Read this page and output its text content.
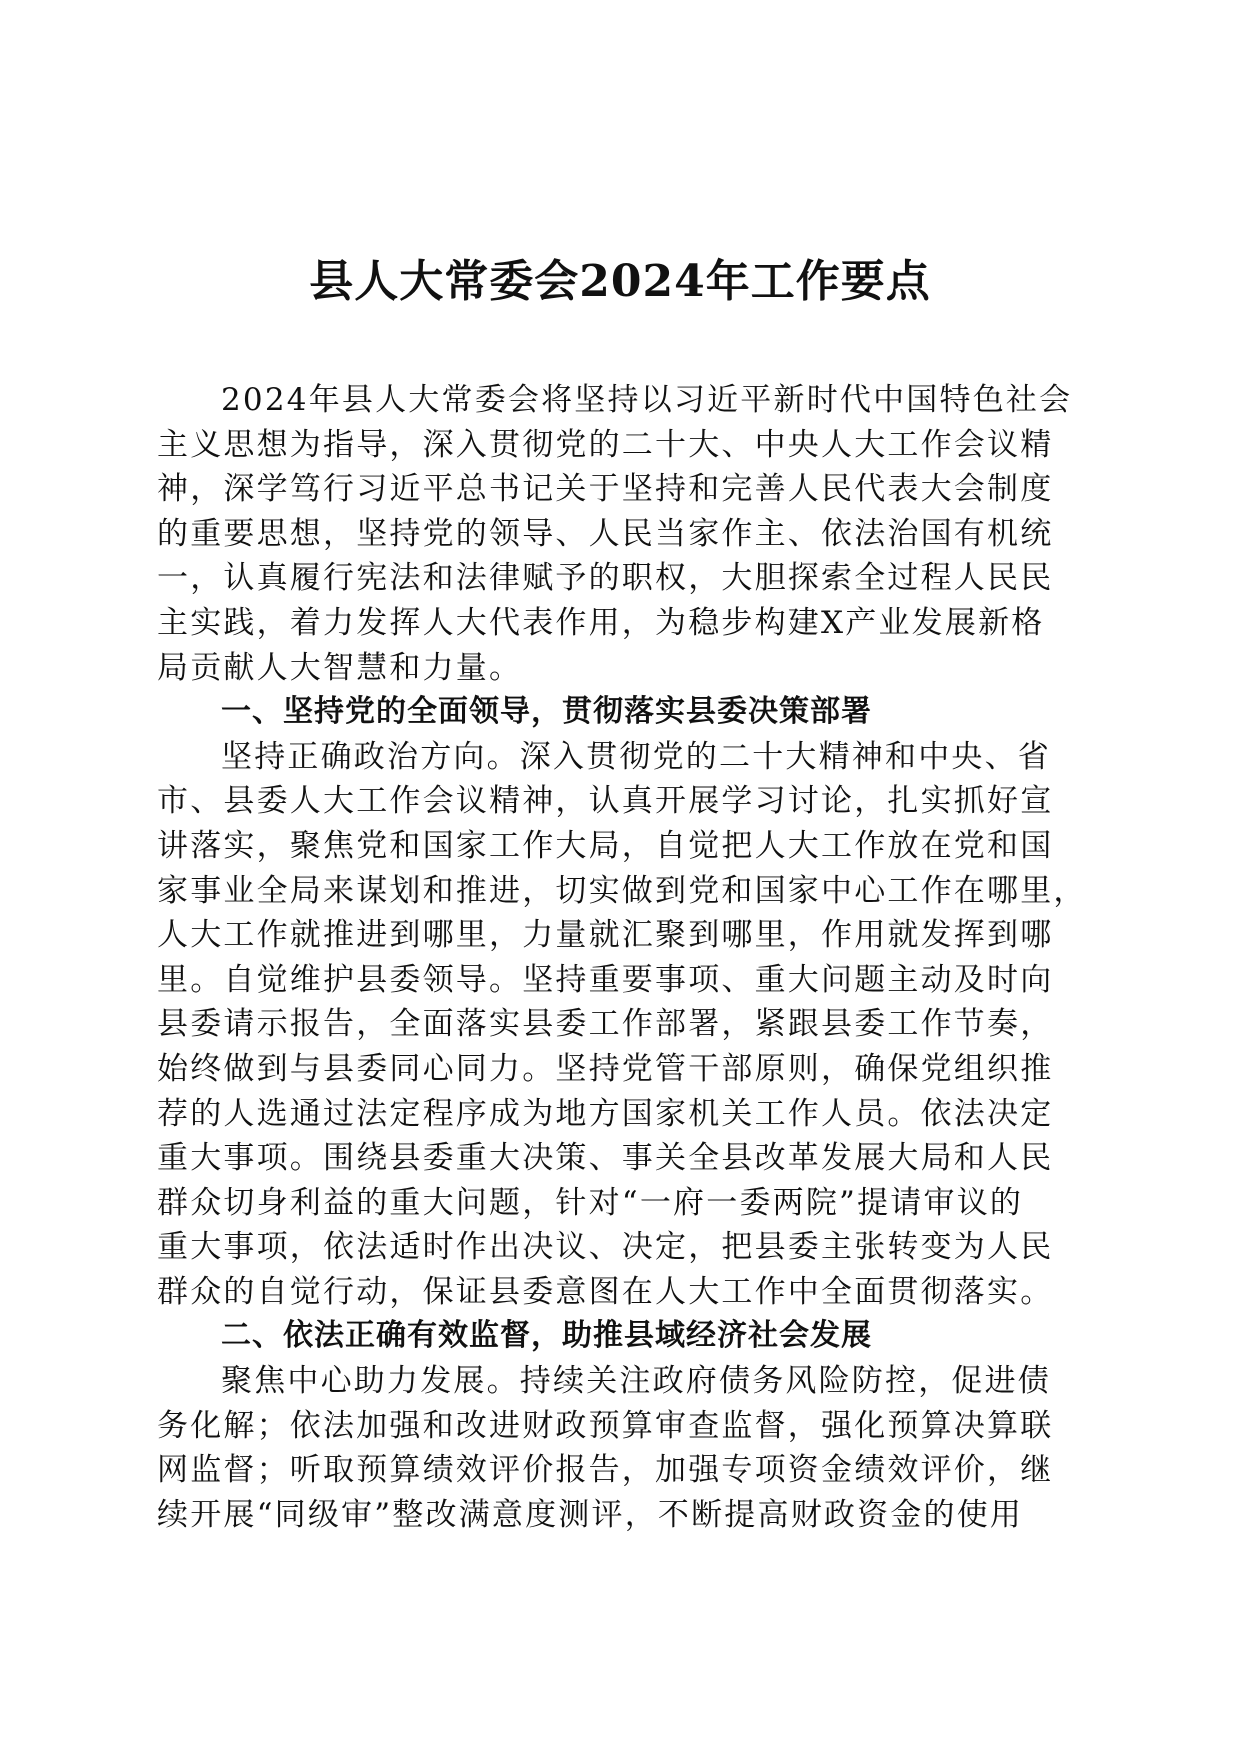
县人大常委会2024年工作要点
2024年县人大常委会将坚持以习近平新时代中国特色社会
主义思想为指导，深入贯彻党的二十大、中央人大工作会议精
神，深学笃行习近平总书记关于坚持和完善人民代表大会制度
的重要思想，坚持党的领导、人民当家作主、依法治国有机统
一，认真履行宪法和法律赋予的职权，大胆探索全过程人民民
主实践，着力发挥人大代表作用，为稳步构建X产业发展新格
局贡献人大智慧和力量。
一、坚持党的全面领导，贯彻落实县委决策部署
坚持正确政治方向。深入贯彻党的二十大精神和中央、省
市、县委人大工作会议精神，认真开展学习讨论，扎实抓好宣
讲落实，聚焦党和国家工作大局，自觉把人大工作放在党和国
家事业全局来谋划和推进，切实做到党和国家中心工作在哪里，
人大工作就推进到哪里，力量就汇聚到哪里，作用就发挥到哪
里。自觉维护县委领导。坚持重要事项、重大问题主动及时向
县委请示报告，全面落实县委工作部署，紧跟县委工作节奏，
始终做到与县委同心同力。坚持党管干部原则，确保党组织推
荐的人选通过法定程序成为地方国家机关工作人员。依法决定
重大事项。围绕县委重大决策、事关全县改革发展大局和人民
群众切身利益的重大问题，针对“一府一委两院”提请审议的
重大事项，依法适时作出决议、决定，把县委主张转变为人民
群众的自觉行动，保证县委意图在人大工作中全面贯彻落实。
二、依法正确有效监督，助推县域经济社会发展
聚焦中心助力发展。持续关注政府债务风险防控，促进债
务化解；依法加强和改进财政预算审查监督，强化预算决算联
网监督；听取预算绩效评价报告，加强专项资金绩效评价，继
续开展“同级审”整改满意度测评，不断提高财政资金的使用
